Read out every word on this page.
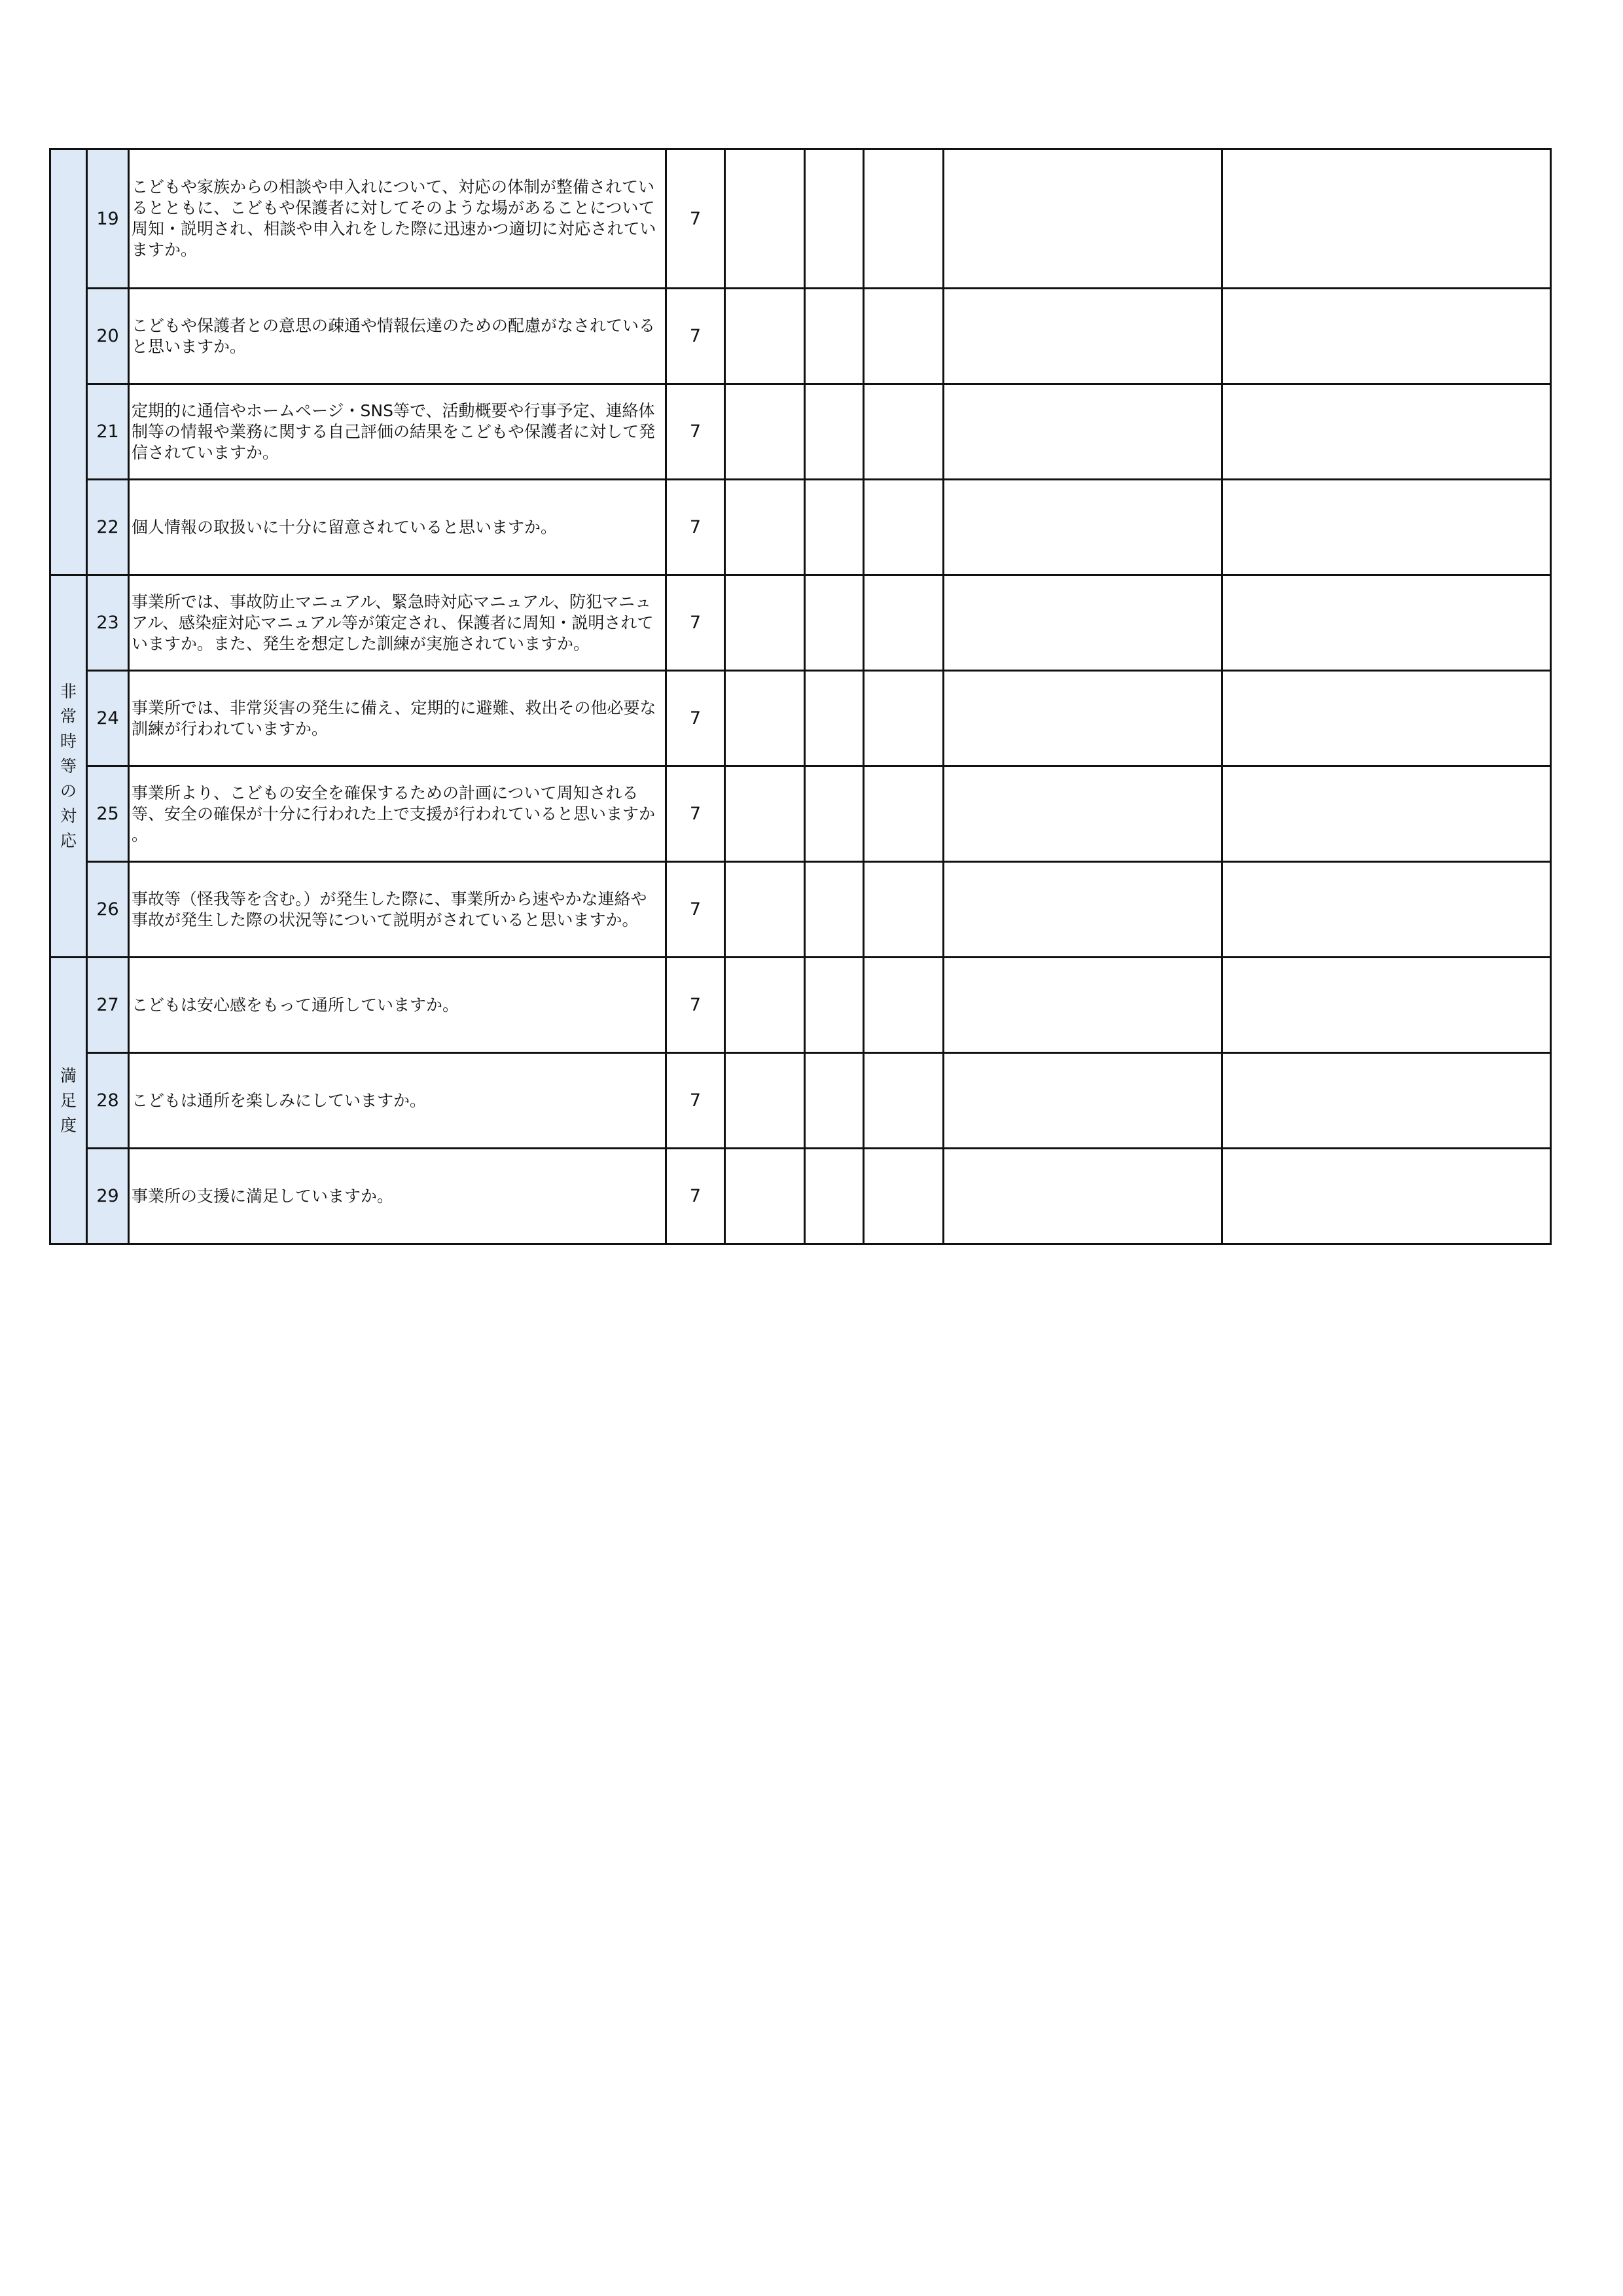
	19	こどもや家族からの相談や申入れについて、対応の体制が整備されているとともに、こどもや保護者に対してそのような場があることについて周知・説明され、相談や申入れをした際に迅速かつ適切に対応されていますか。	7					
	20	こどもや保護者との意思の疎通や情報伝達のための配慮がなされていると思いますか。	7					
	21	定期的に通信やホームページ・SNS等で、活動概要や行事予定、連絡体制等の情報や業務に関する自己評価の結果をこどもや保護者に対して発信されていますか。	7					
	22	個人情報の取扱いに十分に留意されていると思いますか。	7					
非常時等の対応	23	事業所では、事故防止マニュアル、緊急時対応マニュアル、防犯マニュアル、感染症対応マニュアル等が策定され、保護者に周知・説明されていますか。また、発生を想定した訓練が実施されていますか。	7					
	24	事業所では、非常災害の発生に備え、定期的に避難、救出その他必要な訓練が行われていますか。	7					
	25	事業所より、こどもの安全を確保するための計画について周知される等、安全の確保が十分に行われた上で支援が行われていると思いますか 。	7					
	26	事故等（怪我等を含む。）が発生した際に、事業所から速やかな連絡や事故が発生した際の状況等について説明がされていると思いますか。	7					
満足度	27	こどもは安心感をもって通所していますか。	7					
	28	こどもは通所を楽しみにしていますか。	7					
	29	事業所の支援に満足していますか。	7					
